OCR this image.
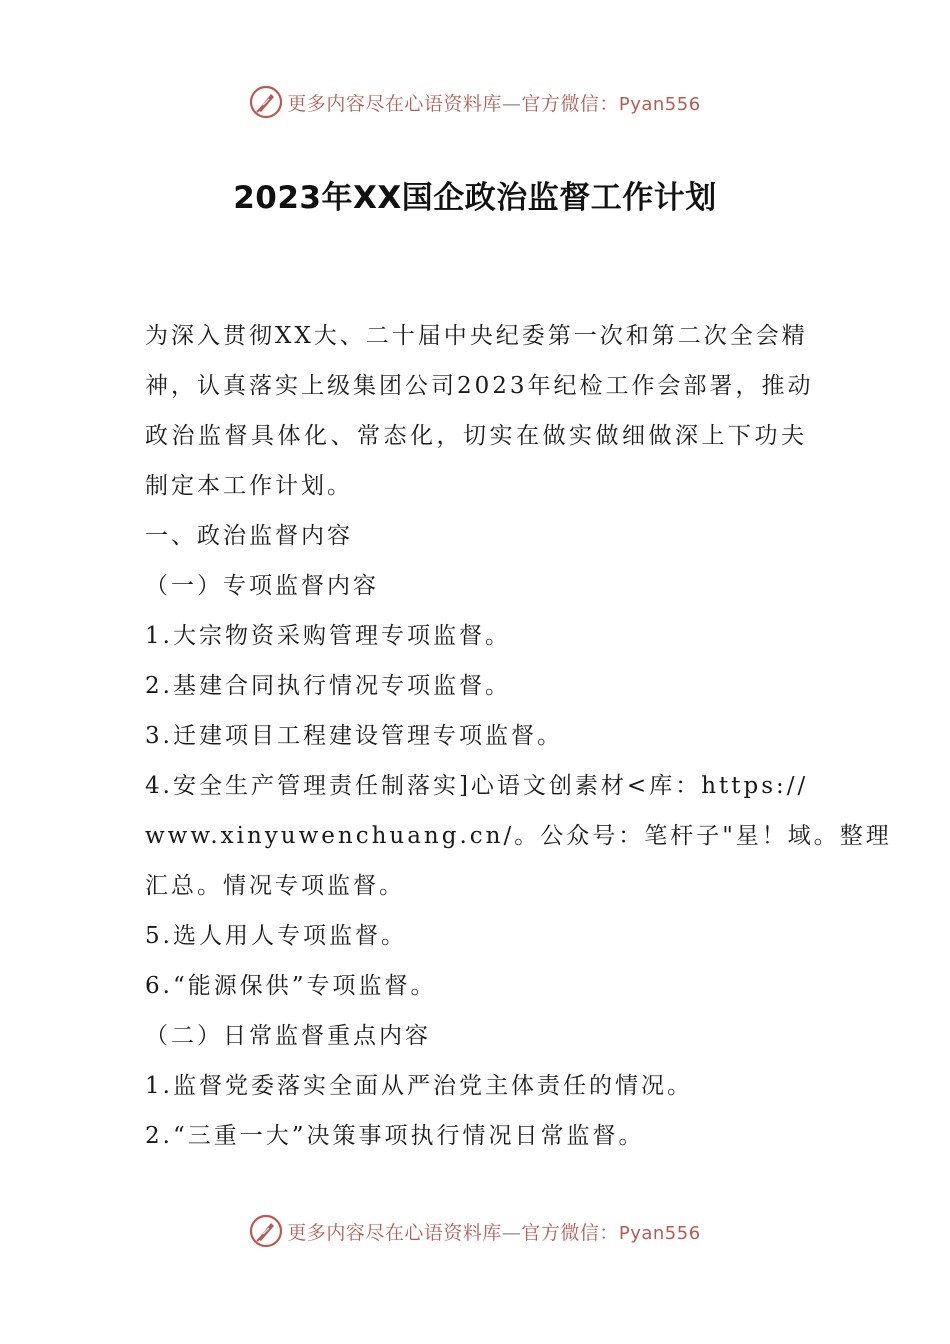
更多内容尽在心语资料库—官方微信：Pyan556
2023年XX国企政治监督工作计划
为深入贯彻XX大、二十届中央纪委第一次和第二次全会精
神，认真落实上级集团公司2023年纪检工作会部署，推动
政治监督具体化、常态化，切实在做实做细做深上下功夫
制定本工作计划。
一、政治监督内容
（一）专项监督内容
1.大宗物资采购管理专项监督。
2.基建合同执行情况专项监督。
3.迁建项目工程建设管理专项监督。
4.安全生产管理责任制落实]心语文创素材<库：https://
www.xinyuwenchuang.cn/。公众号：笔杆子"星！域。整理
汇总。情况专项监督。
5.选人用人专项监督。
6.“能源保供”专项监督。
（二）日常监督重点内容
1.监督党委落实全面从严治党主体责任的情况。
2.“三重一大”决策事项执行情况日常监督。
更多内容尽在心语资料库—官方微信：Pyan556
